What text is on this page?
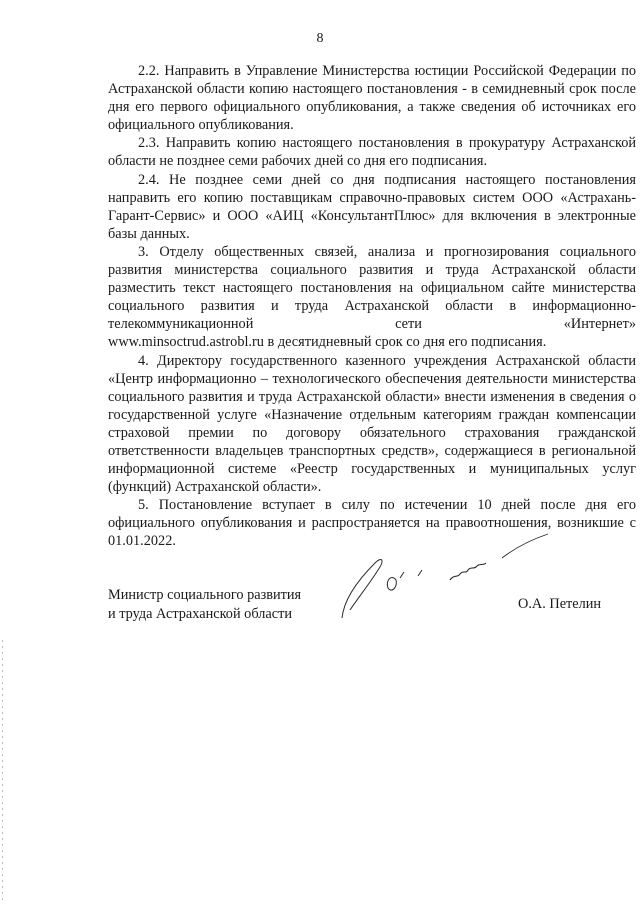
8

2.2. Направить в Управление Министерства юстиции Российской Федерации по Астраханской области копию настоящего постановления - в семидневный срок после дня его первого официального опубликования, а также сведения об источниках его официального опубликования.

2.3. Направить копию настоящего постановления в прокуратуру Астраханской области не позднее семи рабочих дней со дня его подписания.

2.4. Не позднее семи дней со дня подписания настоящего постановления направить его копию поставщикам справочно-правовых систем ООО «Астрахань-Гарант-Сервис» и ООО «АИЦ «КонсультантПлюс» для включения в электронные базы данных.

3. Отделу общественных связей, анализа и прогнозирования социального развития министерства социального развития и труда Астраханской области разместить текст настоящего постановления на официальном сайте министерства социального развития и труда Астраханской области в информационно-телекоммуникационной сети «Интернет»

www.minsoctrud.astrobl.ru в десятидневный срок со дня его подписания.

4. Директору государственного казенного учреждения Астраханской области «Центр информационно – технологического обеспечения деятельности министерства социального развития и труда Астраханской области» внести изменения в сведения о государственной услуге «Назначение отдельным категориям граждан компенсации страховой премии по договору обязательного страхования гражданской ответственности владельцев транспортных средств», содержащиеся в региональной информационной системе «Реестр государственных и муниципальных услуг (функций) Астраханской области».

5. Постановление вступает в силу по истечении 10 дней после дня его официального опубликования и распространяется на правоотношения, возникшие с 01.01.2022.

Министр социального развития
и труда Астраханской области
О.А. Петелин
